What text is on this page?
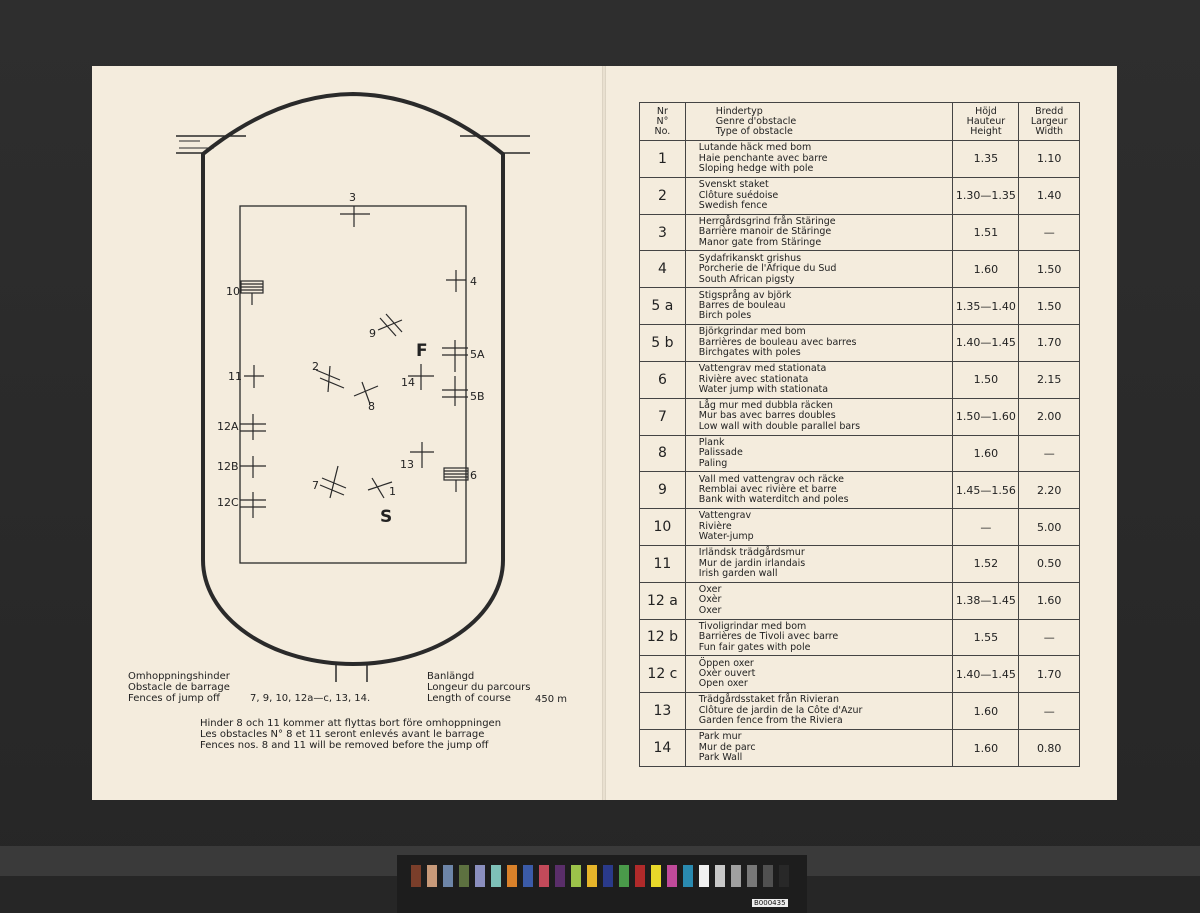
3
4
10
9
F	5A
11
2
14
8
5B
12A
13
6
12B
7	1
S
12C
Omhoppningshinder
Obstacle de barrage
Fences of jump off	7, 9, 10, 12a—c, 13, 14.
Banlängd
Longeur du parcours
Length of course	450 m
Hinder 8 och 11 kommer att flyttas bort före omhoppningen
Les obstacles N° 8 et 11 seront enlevés avant le barrage
Fences nos. 8 and 11 will be removed before the jump off
Nr
N°
No.	Hindertyp
Genre d'obstacle
Type of obstacle	Höjd
Hauteur
Height	Bredd
Largeur
Width

1	Lutande häck med bom
Haie penchante avec barre
Sloping hedge with pole	1.35	1.10
2	Svenskt staket
Clôture suédoise
Swedish fence	1.30—1.35	1.40
3	Herrgårdsgrind från Stäringe
Barrière manoir de Stäringe
Manor gate from Stäringe	1.51	—
4	Sydafrikanskt grishus
Porcherie de l'Afrique du Sud
South African pigsty	1.60	1.50
5 a	Stigsprång av björk
Barres de bouleau
Birch poles	1.35—1.40	1.50
5 b	Björkgrindar med bom
Barrières de bouleau avec barres
Birchgates with poles	1.40—1.45	1.70
6	Vattengrav med stationata
Rivière avec stationata
Water jump with stationata	1.50	2.15
7	Låg mur med dubbla räcken
Mur bas avec barres doubles
Low wall with double parallel bars	1.50—1.60	2.00
8	Plank
Palissade
Paling	1.60	—
9	Vall med vattengrav och räcke
Remblai avec rivière et barre
Bank with waterditch and poles	1.45—1.56	2.20
10	Vattengrav
Rivière
Water-jump	—	5.00
11	Irländsk trädgårdsmur
Mur de jardin irlandais
Irish garden wall	1.52	0.50
12 a	Oxer
Oxèr
Oxer	1.38—1.45	1.60
12 b	Tivoligrindar med bom
Barrières de Tivoli avec barre
Fun fair gates with pole	1.55	—
12 c	Öppen oxer
Oxèr ouvert
Open oxer	1.40—1.45	1.70
13	Trädgårdsstaket från Rivieran
Clôture de jardin de la Côte d'Azur
Garden fence from the Riviera	1.60	—
14	Park mur
Mur de parc
Park Wall	1.60	0.80
B000435
